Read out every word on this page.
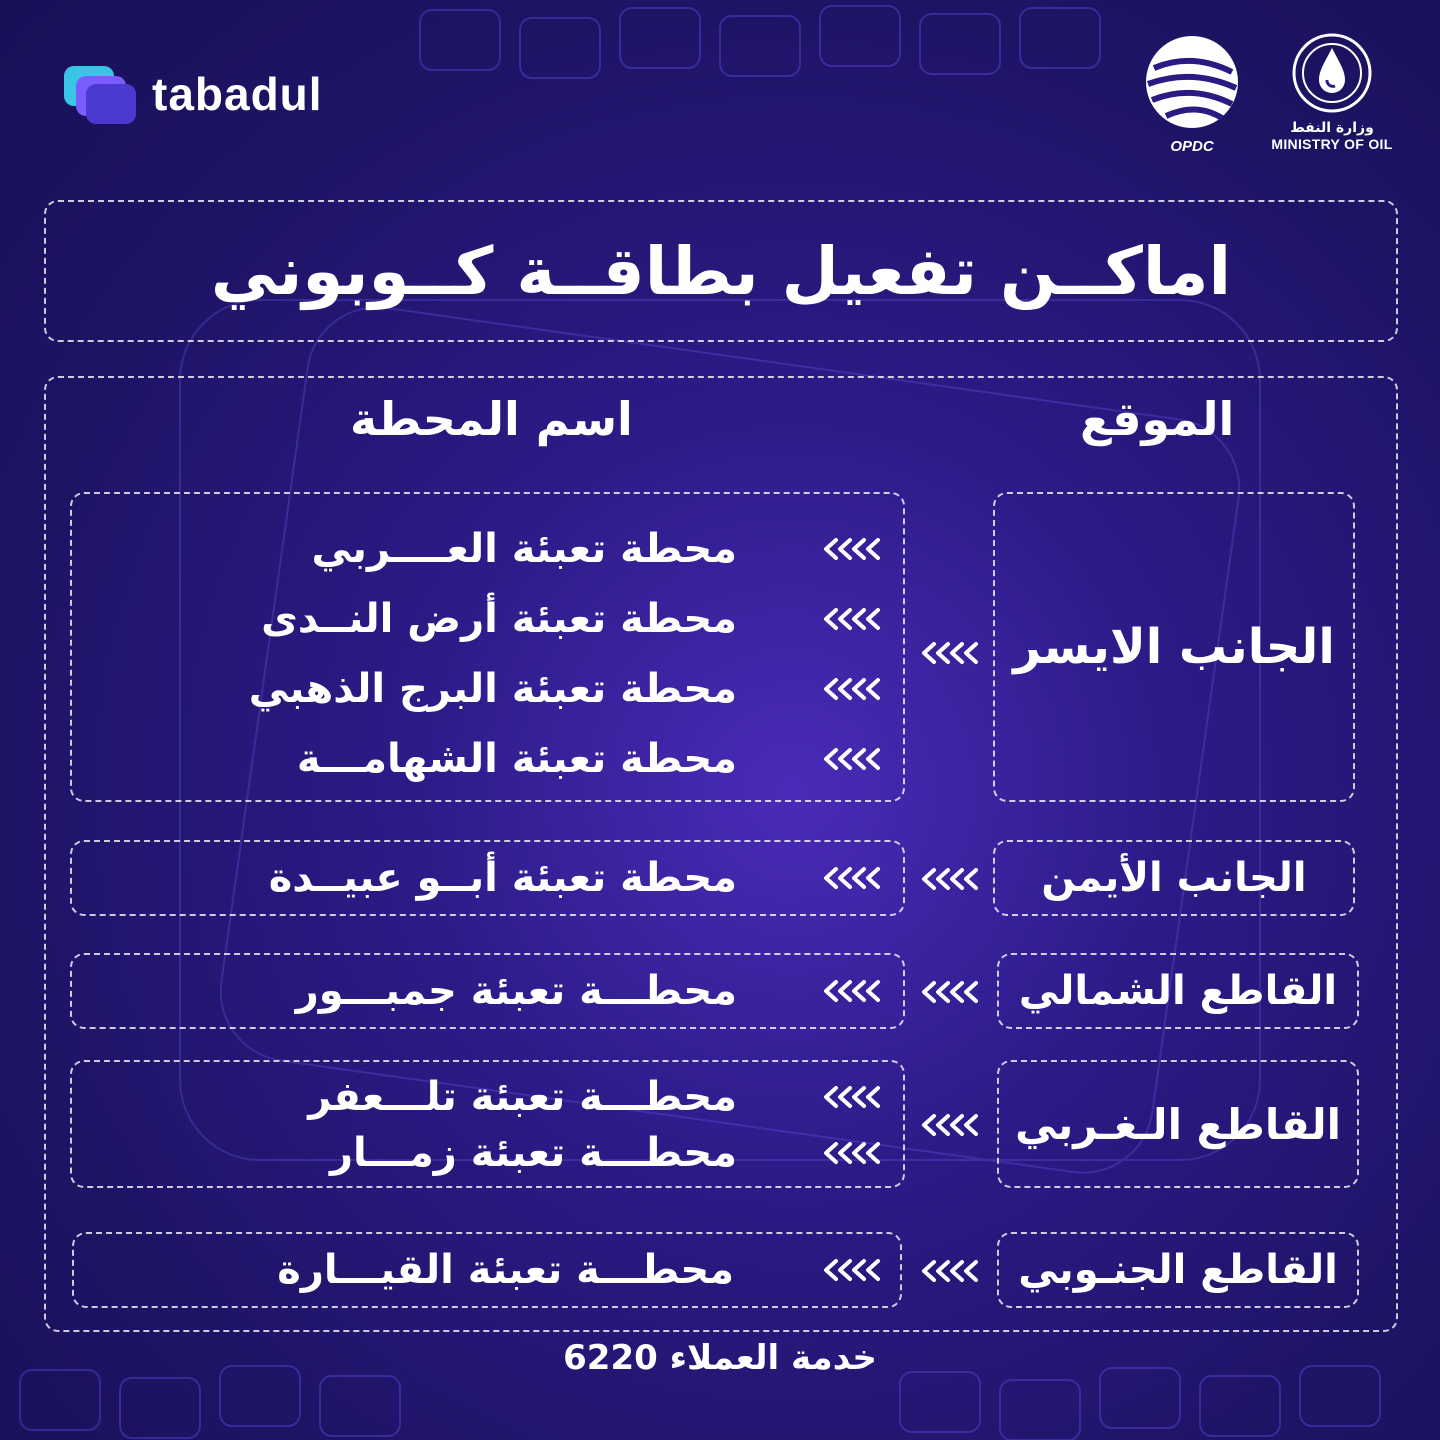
tabadul
OPDC
وزارة النفط
MINISTRY OF OIL
اماكــن تفعيل بطاقــة كــوبوني
الموقع
اسم المحطة
الجانب الايسر
محطة تعبئة العــــربي
محطة تعبئة أرض النــدى
محطة تعبئة البرج الذهبي
محطة تعبئة الشهامـــة
الجانب الأيمن
محطة تعبئة أبــو عبيــدة
القاطع الشمالي
محطـــة تعبئة جمبـــور
القاطع الـغـربي
محطـــة تعبئة تلـــعفر
محطـــة تعبئة زمـــار
القاطع الجنـوبي
محطـــة تعبئة القيـــارة
خدمة العملاء 6220
